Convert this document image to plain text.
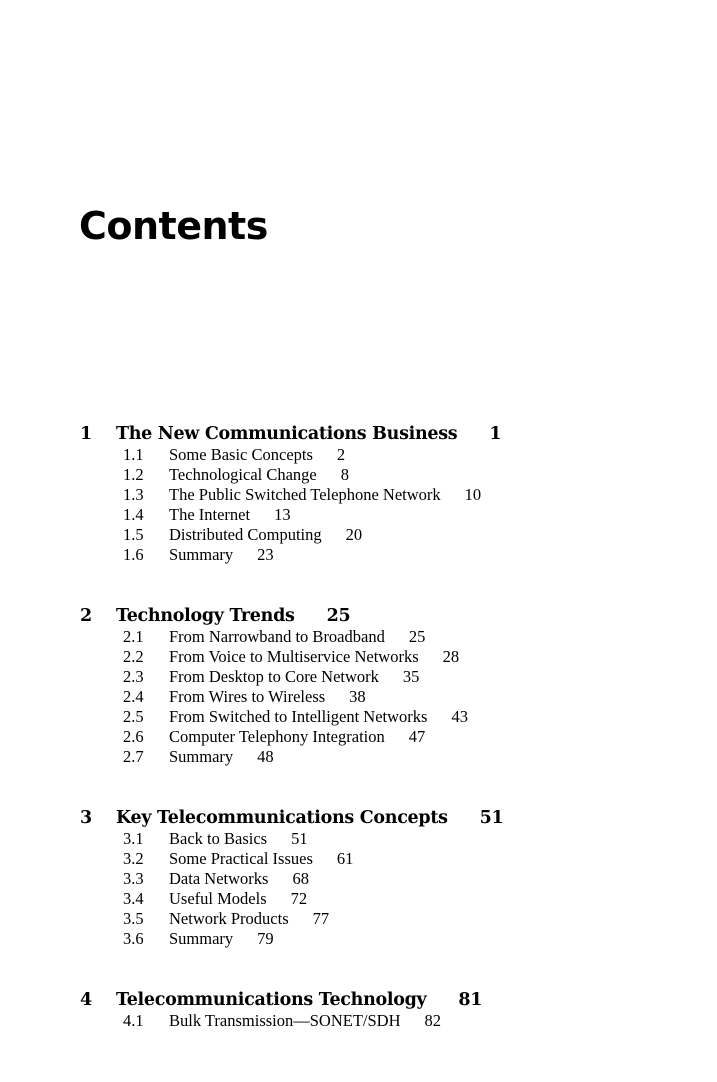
Contents
1 The New Communications Business 1
1.1 Some Basic Concepts 2
1.2 Technological Change 8
1.3 The Public Switched Telephone Network 10
1.4 The Internet 13
1.5 Distributed Computing 20
1.6 Summary 23
2 Technology Trends 25
2.1 From Narrowband to Broadband 25
2.2 From Voice to Multiservice Networks 28
2.3 From Desktop to Core Network 35
2.4 From Wires to Wireless 38
2.5 From Switched to Intelligent Networks 43
2.6 Computer Telephony Integration 47
2.7 Summary 48
3 Key Telecommunications Concepts 51
3.1 Back to Basics 51
3.2 Some Practical Issues 61
3.3 Data Networks 68
3.4 Useful Models 72
3.5 Network Products 77
3.6 Summary 79
4 Telecommunications Technology 81
4.1 Bulk Transmission—SONET/SDH 82
